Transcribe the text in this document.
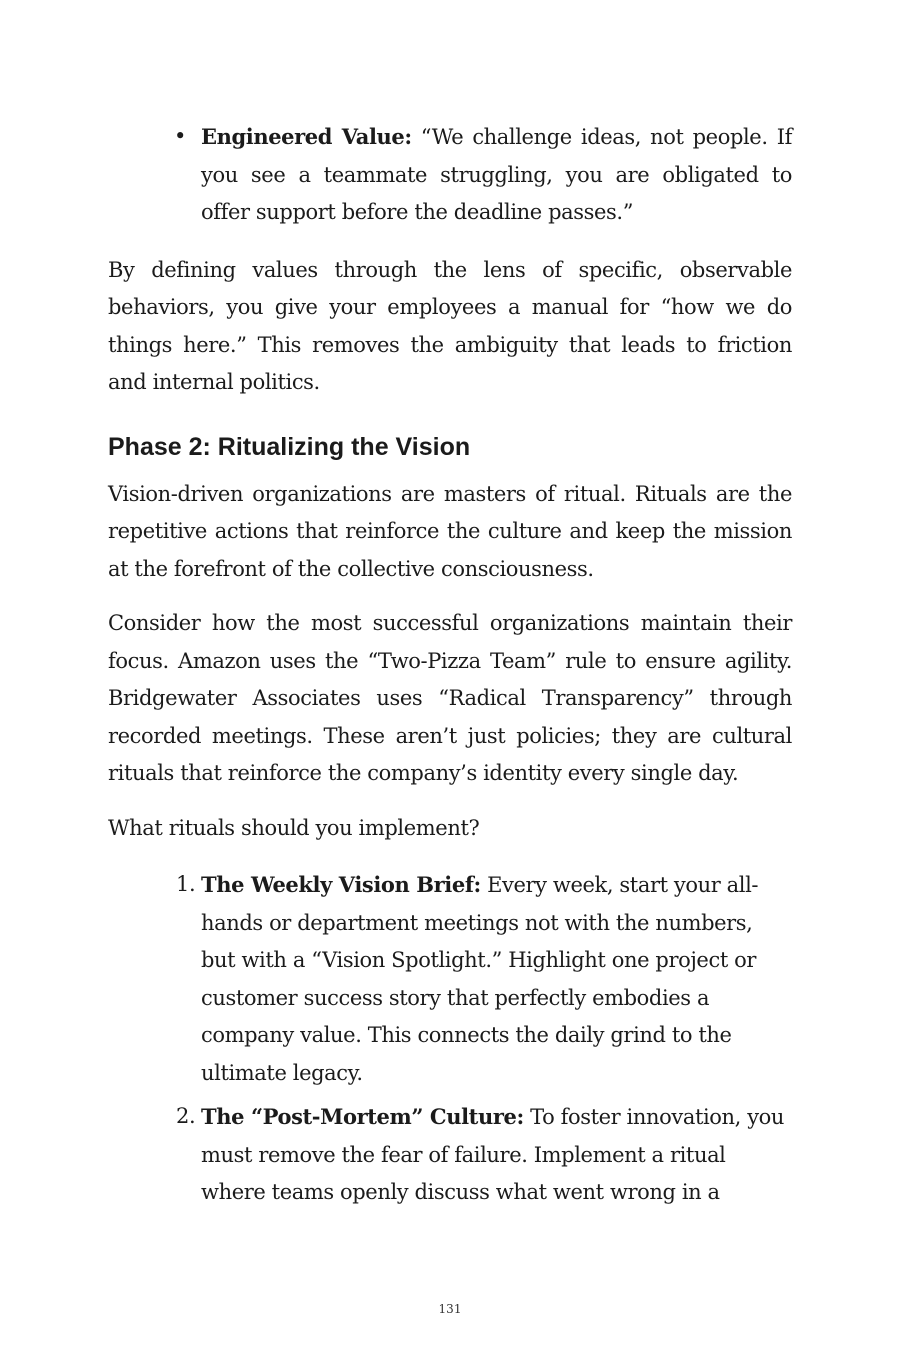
• Engineered Value: “We challenge ideas, not people. If you see a teammate struggling, you are obligated to offer support before the deadline passes.”

By defining values through the lens of specific, observable behaviors, you give your employees a manual for “how we do things here.” This removes the ambiguity that leads to friction and internal politics.

Phase 2: Ritualizing the Vision

Vision-driven organizations are masters of ritual. Rituals are the repetitive actions that reinforce the culture and keep the mission at the forefront of the collective consciousness.

Consider how the most successful organizations maintain their focus. Amazon uses the “Two-Pizza Team” rule to ensure agility. Bridgewater Associates uses “Radical Transparency” through recorded meetings. These aren’t just policies; they are cultural rituals that reinforce the company’s identity every single day.

What rituals should you implement?

1. The Weekly Vision Brief: Every week, start your all-hands or department meetings not with the numbers, but with a “Vision Spotlight.” Highlight one project or customer success story that perfectly embodies a company value. This connects the daily grind to the ultimate legacy.
2. The “Post-Mortem” Culture: To foster innovation, you must remove the fear of failure. Implement a ritual where teams openly discuss what went wrong in a
131
